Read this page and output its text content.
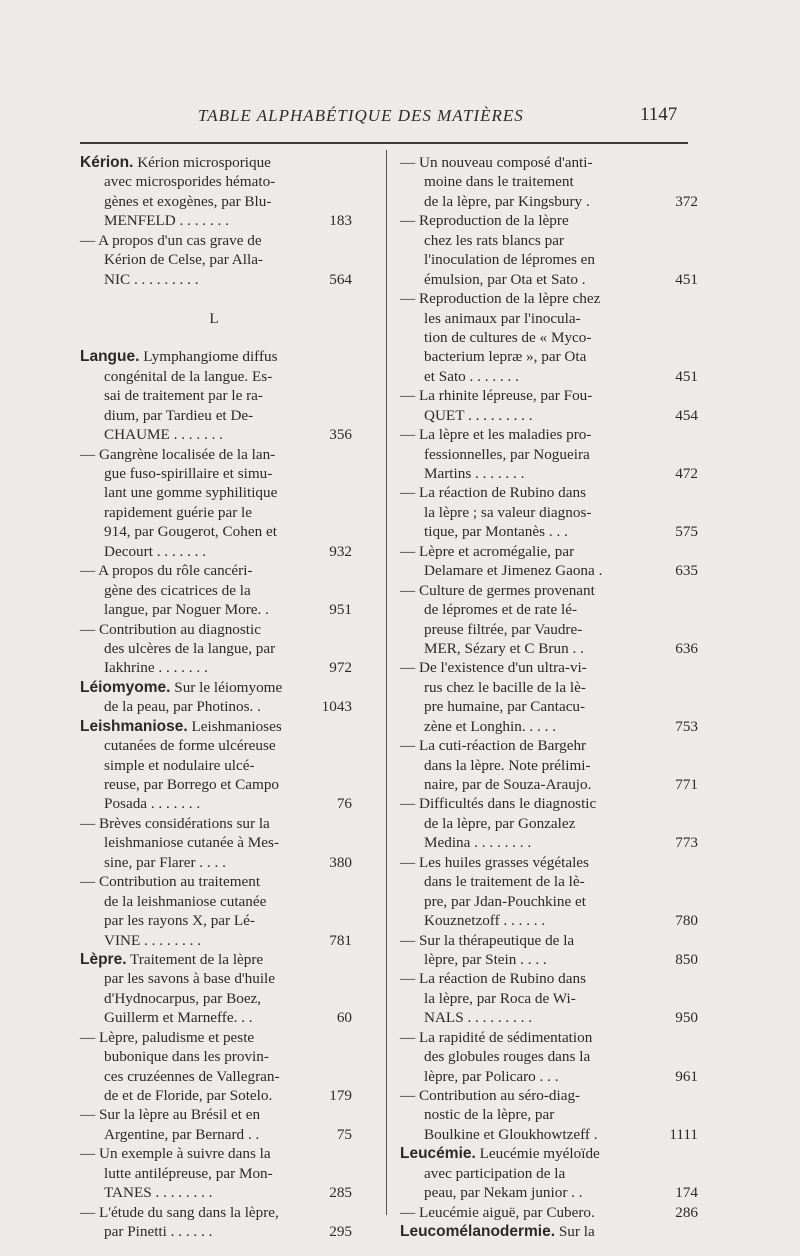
TABLE ALPHABÉTIQUE DES MATIÈRES	1147
Kérion. Kérion microsporique
avec microsporides hémato-
gènes et exogènes, par Blu-
MENFELD . . . . . . .	183
— A propos d'un cas grave de
Kérion de Celse, par Alla-
NIC . . . . . . . . .	564
L
Langue. Lymphangiome diffus
congénital de la langue. Es-
sai de traitement par le ra-
dium, par Tardieu et De-
CHAUME . . . . . . .	356
— Gangrène localisée de la lan-
gue fuso-spirillaire et simu-
lant une gomme syphilitique
rapidement guérie par le
914, par Gougerot, Cohen et
Decourt . . . . . . .	932
— A propos du rôle cancéri-
gène des cicatrices de la
langue, par Noguer More. .	951
— Contribution au diagnostic
des ulcères de la langue, par
Iakhrine . . . . . . .	972
Léiomyome. Sur le léiomyome
de la peau, par Photinos. .	1043
Leishmaniose. Leishmanioses
cutanées de forme ulcéreuse
simple et nodulaire ulcé-
reuse, par Borrego et Campo
Posada . . . . . . .	76
— Brèves considérations sur la
leishmaniose cutanée à Mes-
sine, par Flarer . . . .	380
— Contribution au traitement
de la leishmaniose cutanée
par les rayons X, par Lé-
VINE . . . . . . . .	781
Lèpre. Traitement de la lèpre
par les savons à base d'huile
d'Hydnocarpus, par Boez,
Guillerm et Marneffe. . .	60
— Lèpre, paludisme et peste
bubonique dans les provin-
ces cruzéennes de Vallegran-
de et de Floride, par Sotelo.	179
— Sur la lèpre au Brésil et en
Argentine, par Bernard . .	75
— Un exemple à suivre dans la
lutte antilépreuse, par Mon-
TANES . . . . . . . .	285
— L'étude du sang dans la lèpre,
par Pinetti . . . . . .	295
— Un nouveau composé d'anti-
moine dans le traitement
de la lèpre, par Kingsbury .	372
— Reproduction de la lèpre
chez les rats blancs par
l'inoculation de lépromes en
émulsion, par Ota et Sato .	451
— Reproduction de la lèpre chez
les animaux par l'inocula-
tion de cultures de « Myco-
bacterium lepræ », par Ota
et Sato . . . . . . .	451
— La rhinite lépreuse, par Fou-
QUET . . . . . . . . .	454
— La lèpre et les maladies pro-
fessionnelles, par Nogueira
Martins . . . . . . .	472
— La réaction de Rubino dans
la lèpre ; sa valeur diagnos-
tique, par Montanès . . .	575
— Lèpre et acromégalie, par
Delamare et Jimenez Gaona .	635
— Culture de germes provenant
de lépromes et de rate lé-
preuse filtrée, par Vaudre-
MER, Sézary et C Brun . .	636
— De l'existence d'un ultra-vi-
rus chez le bacille de la lè-
pre humaine, par Cantacu-
zène et Longhin. . . . .	753
— La cuti-réaction de Bargehr
dans la lèpre. Note prélimi-
naire, par de Souza-Araujo.	771
— Difficultés dans le diagnostic
de la lèpre, par Gonzalez
Medina . . . . . . . .	773
— Les huiles grasses végétales
dans le traitement de la lè-
pre, par Jdan-Pouchkine et
Kouznetzoff . . . . . .	780
— Sur la thérapeutique de la
lèpre, par Stein . . . .	850
— La réaction de Rubino dans
la lèpre, par Roca de Wi-
NALS . . . . . . . . .	950
— La rapidité de sédimentation
des globules rouges dans la
lèpre, par Policaro . . .	961
— Contribution au séro-diag-
nostic de la lèpre, par
Boulkine et Gloukhowtzeff .	1111
Leucémie. Leucémie myéloïde
avec participation de la
peau, par Nekam junior . .	174
— Leucémie aiguë, par Cubero.	286
Leucomélanodermie. Sur la
